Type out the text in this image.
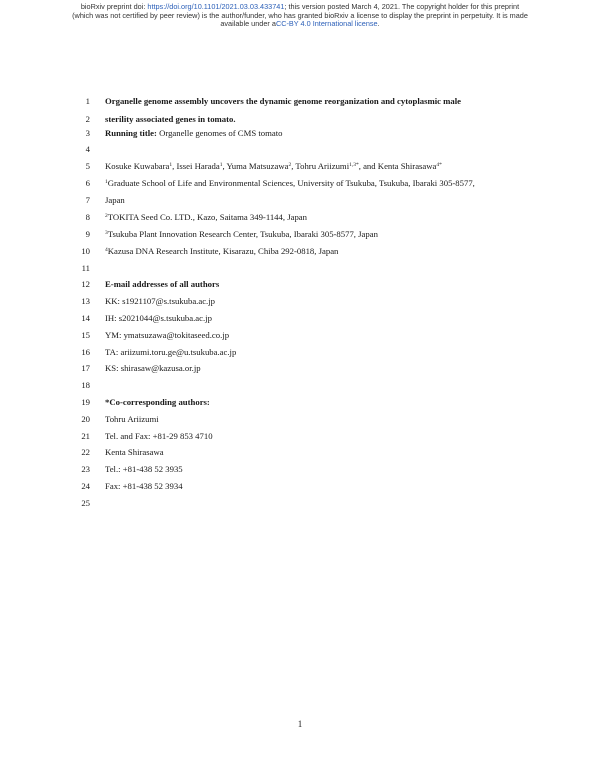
bioRxiv preprint doi: https://doi.org/10.1101/2021.03.03.433741; this version posted March 4, 2021. The copyright holder for this preprint
(which was not certified by peer review) is the author/funder, who has granted bioRxiv a license to display the preprint in perpetuity. It is made
available under aCC-BY 4.0 International license.
1 Organelle genome assembly uncovers the dynamic genome reorganization and cytoplasmic male
2 sterility associated genes in tomato.
3 Running title: Organelle genomes of CMS tomato
4
5 Kosuke Kuwabara$^1$, Issei Harada$^1$, Yuma Matsuzawa$^2$, Tohru Ariizumi$^{1,3*}$, and Kenta Shirasawa$^{4*}$
6	$^1$Graduate School of Life and Environmental Sciences, University of Tsukuba, Tsukuba, Ibaraki 305-8577,
7 Japan
8	$^2$TOKITA Seed Co. LTD., Kazo, Saitama 349-1144, Japan
9	$^3$Tsukuba Plant Innovation Research Center, Tsukuba, Ibaraki 305-8577, Japan
10	$^4$Kazusa DNA Research Institute, Kisarazu, Chiba 292-0818, Japan
11
12 E-mail addresses of all authors
13 KK: s1921107@s.tsukuba.ac.jp
14 IH: s2021044@s.tsukuba.ac.jp
15 YM: ymatsuzawa@tokitaseed.co.jp
16 TA: ariizumi.toru.ge@u.tsukuba.ac.jp
17 KS: shirasaw@kazusa.or.jp
18
19 *Co-corresponding authors:
20 Tohru Ariizumi
21 Tel. and Fax: +81-29 853 4710
22 Kenta Shirasawa
23 Tel.: +81-438 52 3935
24 Fax: +81-438 52 3934
25
1
